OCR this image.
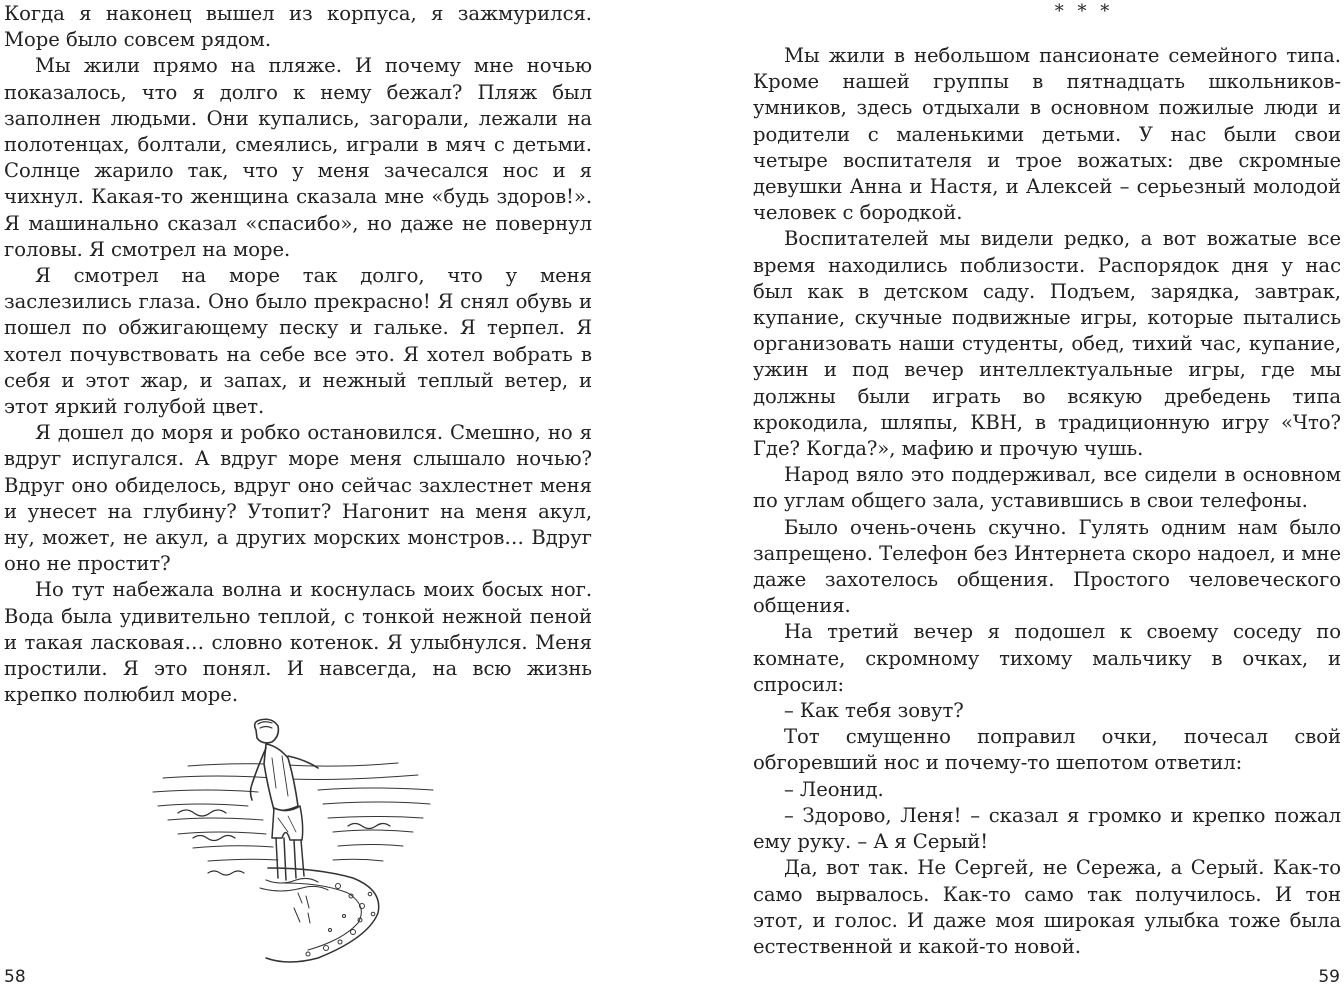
Когда я наконец вышел из корпуса, я зажмурился. Море было совсем рядом.

Мы жили прямо на пляже. И почему мне ночью показалось, что я долго к нему бежал? Пляж был заполнен людьми. Они купались, загорали, лежали на полотенцах, болтали, смеялись, играли в мяч с детьми. Солнце жарило так, что у меня зачесался нос и я чихнул. Какая-то женщина сказала мне «будь здоров!». Я машинально сказал «спасибо», но даже не повернул головы. Я смотрел на море.

Я смотрел на море так долго, что у меня заслезились глаза. Оно было прекрасно! Я снял обувь и пошел по обжигающему песку и гальке. Я терпел. Я хотел почувствовать на себе все это. Я хотел вобрать в себя и этот жар, и запах, и нежный теплый ветер, и этот яркий голубой цвет.

Я дошел до моря и робко остановился. Смешно, но я вдруг испугался. А вдруг море меня слышало ночью? Вдруг оно обиделось, вдруг оно сейчас захлестнет меня и унесет на глубину? Утопит? Нагонит на меня акул, ну, может, не акул, а других морских монстров… Вдруг оно не простит?

Но тут набежала волна и коснулась моих босых ног. Вода была удивительно теплой, с тонкой нежной пеной и такая ласковая… словно котенок. Я улыбнулся. Меня простили. Я это понял. И навсегда, на всю жизнь крепко полюбил море.

58
* * *

Мы жили в небольшом пансионате семейного типа. Кроме нашей группы в пятнадцать школьников-умников, здесь отдыхали в основном пожилые люди и родители с маленькими детьми. У нас были свои четыре воспитателя и трое вожатых: две скромные девушки Анна и Настя, и Алексей – серьезный молодой человек с бородкой.

Воспитателей мы видели редко, а вот вожатые все время находились поблизости. Распорядок дня у нас был как в детском саду. Подъем, зарядка, завтрак, купание, скучные подвижные игры, которые пытались организовать наши студенты, обед, тихий час, купание, ужин и под вечер интеллектуальные игры, где мы должны были играть во всякую дребедень типа крокодила, шляпы, КВН, в традиционную игру «Что? Где? Когда?», мафию и прочую чушь.

Народ вяло это поддерживал, все сидели в основном по углам общего зала, уставившись в свои телефоны.

Было очень-очень скучно. Гулять одним нам было запрещено. Телефон без Интернета скоро надоел, и мне даже захотелось общения. Простого человеческого общения.

На третий вечер я подошел к своему соседу по комнате, скромному тихому мальчику в очках, и спросил:

– Как тебя зовут?

Тот смущенно поправил очки, почесал свой обгоревший нос и почему-то шепотом ответил:

– Леонид.

– Здорово, Леня! – сказал я громко и крепко пожал ему руку. – А я Серый!

Да, вот так. Не Сергей, не Сережа, а Серый. Как-то само вырвалось. Как-то само так получилось. И тон этот, и голос. И даже моя широкая улыбка тоже была естественной и какой-то новой.

59
